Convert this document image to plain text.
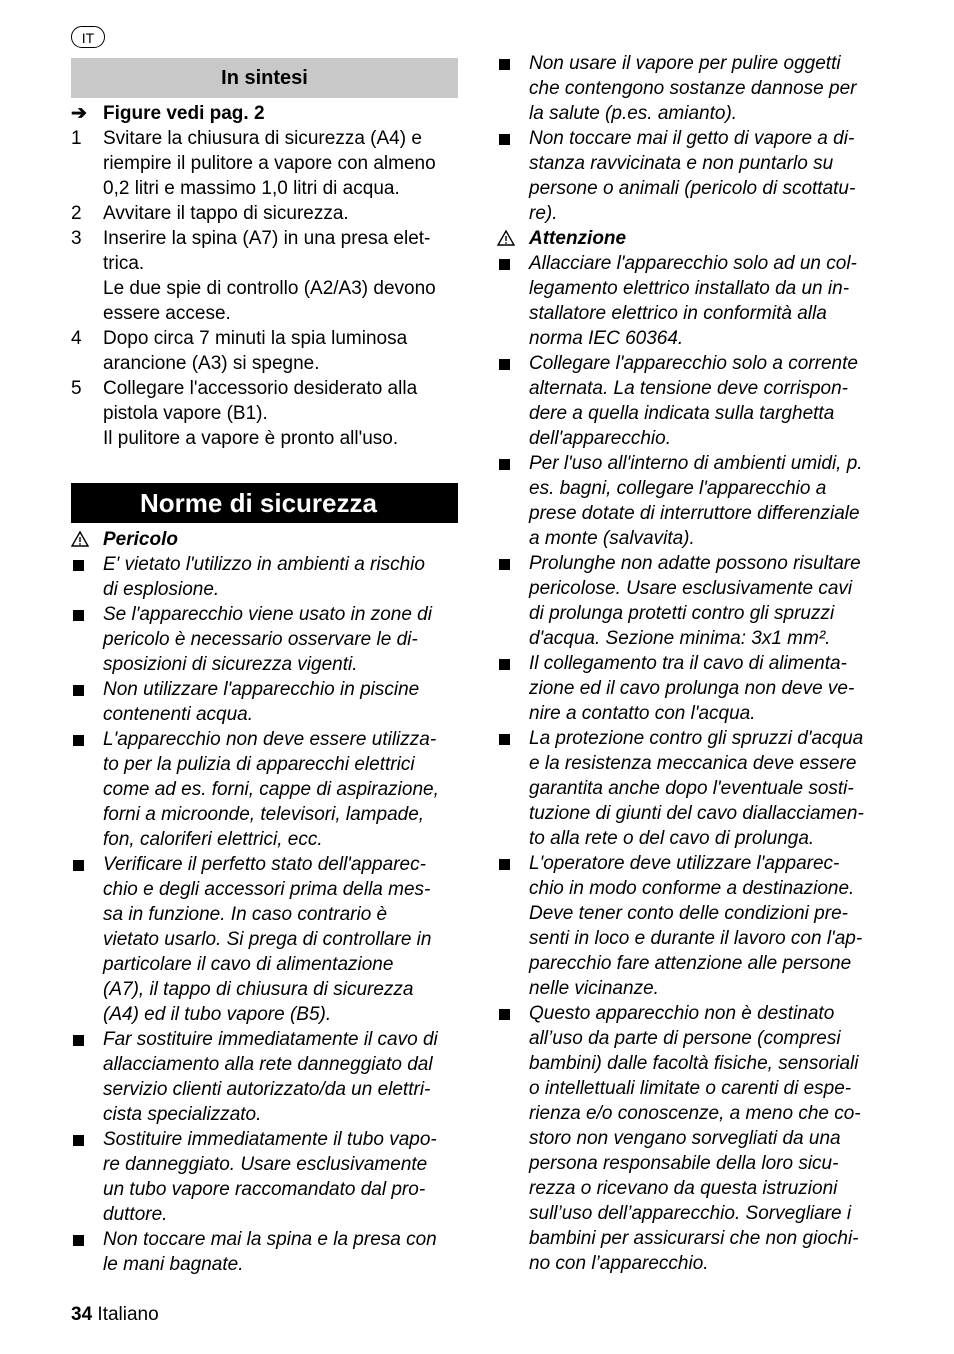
IT
In sintesi
➔ Figure vedi pag. 2
1 Svitare la chiusura di sicurezza (A4) e
riempire il pulitore a vapore con almeno
0,2 litri e massimo 1,0 litri di acqua.
2 Avvitare il tappo di sicurezza.
3 Inserire la spina (A7) in una presa elet-
trica.
Le due spie di controllo (A2/A3) devono
essere accese.
4 Dopo circa 7 minuti la spia luminosa
arancione (A3) si spegne.
5 Collegare l'accessorio desiderato alla
pistola vapore (B1).
Il pulitore a vapore è pronto all'uso.
Norme di sicurezza
Pericolo
E' vietato l'utilizzo in ambienti a rischio
di esplosione.
Se l'apparecchio viene usato in zone di
pericolo è necessario osservare le di-
sposizioni di sicurezza vigenti.
Non utilizzare l'apparecchio in piscine
contenenti acqua.
L'apparecchio non deve essere utilizza-
to per la pulizia di apparecchi elettrici
come ad es. forni, cappe di aspirazione,
forni a microonde, televisori, lampade,
fon, caloriferi elettrici, ecc.
Verificare il perfetto stato dell'apparec-
chio e degli accessori prima della mes-
sa in funzione. In caso contrario è
vietato usarlo. Si prega di controllare in
particolare il cavo di alimentazione
(A7), il tappo di chiusura di sicurezza
(A4) ed il tubo vapore (B5).
Far sostituire immediatamente il cavo di
allacciamento alla rete danneggiato dal
servizio clienti autorizzato/da un elettri-
cista specializzato.
Sostituire immediatamente il tubo vapo-
re danneggiato. Usare esclusivamente
un tubo vapore raccomandato dal pro-
duttore.
Non toccare mai la spina e la presa con
le mani bagnate.
Non usare il vapore per pulire oggetti
che contengono sostanze dannose per
la salute (p.es. amianto).
Non toccare mai il getto di vapore a di-
stanza ravvicinata e non puntarlo su
persone o animali (pericolo di scottatu-
re).
Attenzione
Allacciare l'apparecchio solo ad un col-
legamento elettrico installato da un in-
stallatore elettrico in conformità alla
norma IEC 60364.
Collegare l'apparecchio solo a corrente
alternata. La tensione deve corrispon-
dere a quella indicata sulla targhetta
dell'apparecchio.
Per l'uso all'interno di ambienti umidi, p.
es. bagni, collegare l'apparecchio a
prese dotate di interruttore differenziale
a monte (salvavita).
Prolunghe non adatte possono risultare
pericolose. Usare esclusivamente cavi
di prolunga protetti contro gli spruzzi
d'acqua. Sezione minima: 3x1 mm².
Il collegamento tra il cavo di alimenta-
zione ed il cavo prolunga non deve ve-
nire a contatto con l'acqua.
La protezione contro gli spruzzi d'acqua
e la resistenza meccanica deve essere
garantita anche dopo l'eventuale sosti-
tuzione di giunti del cavo diallacciamen-
to alla rete o del cavo di prolunga.
L'operatore deve utilizzare l'apparec-
chio in modo conforme a destinazione.
Deve tener conto delle condizioni pre-
senti in loco e durante il lavoro con l'ap-
parecchio fare attenzione alle persone
nelle vicinanze.
Questo apparecchio non è destinato
all’uso da parte di persone (compresi
bambini) dalle facoltà fisiche, sensoriali
o intellettuali limitate o carenti di espe-
rienza e/o conoscenze, a meno che co-
storo non vengano sorvegliati da una
persona responsabile della loro sicu-
rezza o ricevano da questa istruzioni
sull’uso dell’apparecchio. Sorvegliare i
bambini per assicurarsi che non giochi-
no con l’apparecchio.
34 Italiano
